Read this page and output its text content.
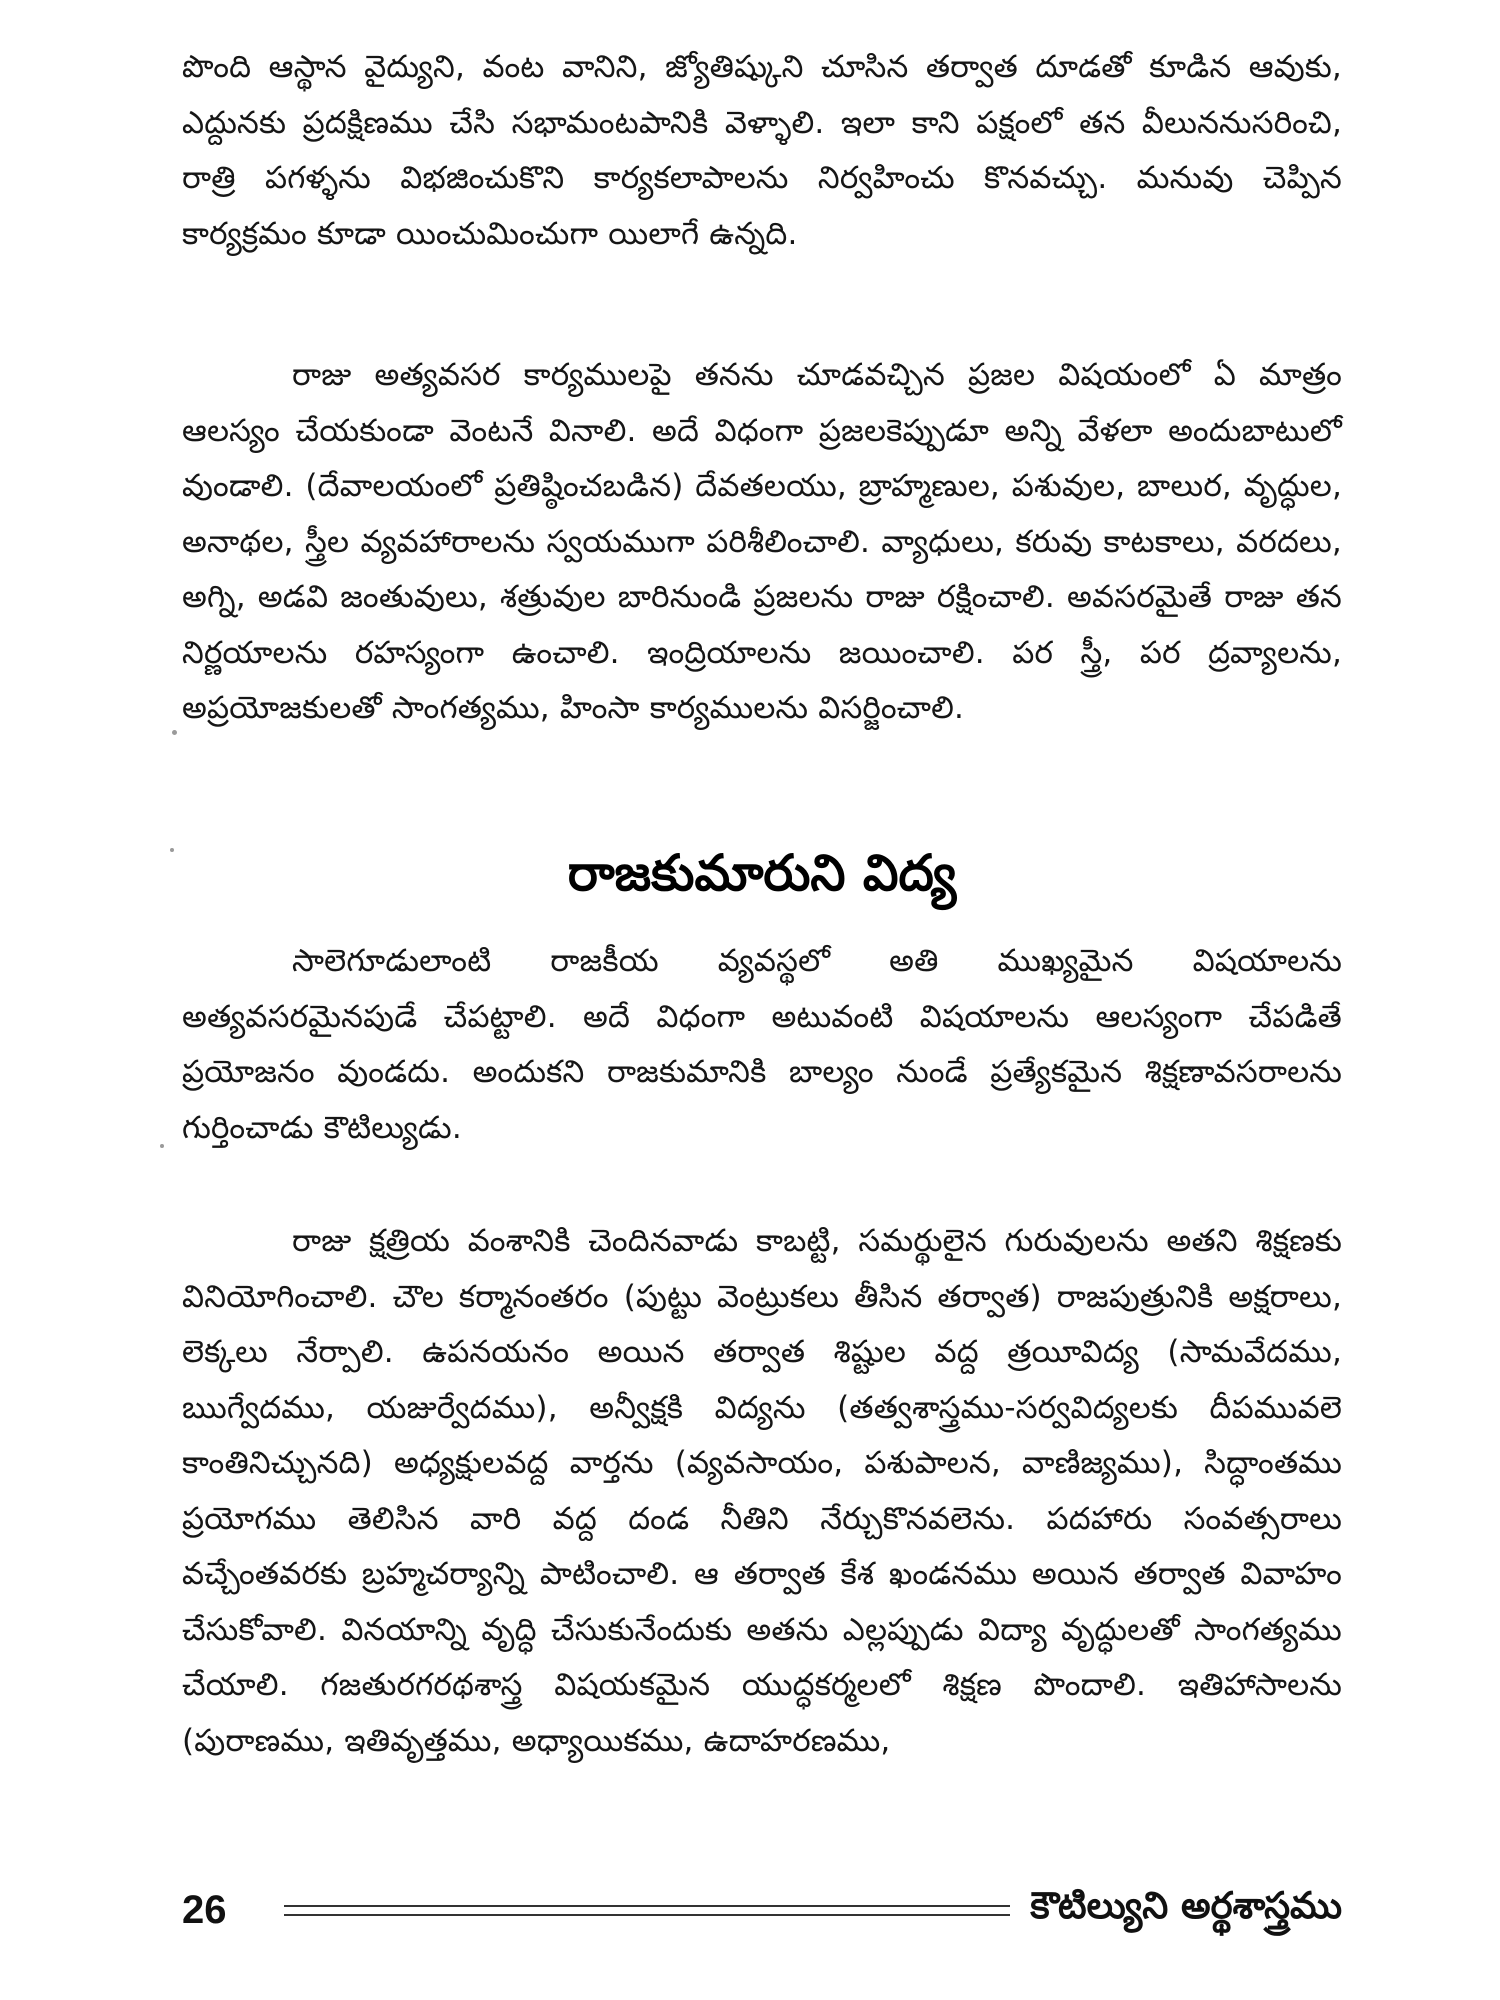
పొంది ఆస్థాన వైద్యుని, వంట వానిని, జ్యోతిష్కుని చూసిన తర్వాత దూడతో కూడిన ఆవుకు, ఎద్దునకు ప్రదక్షిణము చేసి సభామంటపానికి వెళ్ళాలి. ఇలా కాని పక్షంలో తన వీలుననుసరించి, రాత్రి పగళ్ళను విభజించుకొని కార్యకలాపాలను నిర్వహించు కొనవచ్చు. మనువు చెప్పిన కార్యక్రమం కూడా యించుమించుగా యిలాగే ఉన్నది.

రాజు అత్యవసర కార్యములపై తనను చూడవచ్చిన ప్రజల విషయంలో ఏ మాత్రం ఆలస్యం చేయకుండా వెంటనే వినాలి. అదే విధంగా ప్రజలకెప్పుడూ అన్ని వేళలా అందుబాటులో వుండాలి. (దేవాలయంలో ప్రతిష్ఠించబడిన) దేవతలయు, బ్రాహ్మణుల, పశువుల, బాలుర, వృద్ధుల, అనాథల, స్త్రీల వ్యవహారాలను స్వయముగా పరిశీలించాలి. వ్యాధులు, కరువు కాటకాలు, వరదలు, అగ్ని, అడవి జంతువులు, శత్రువుల బారినుండి ప్రజలను రాజు రక్షించాలి. అవసరమైతే రాజు తన నిర్ణయాలను రహస్యంగా ఉంచాలి. ఇంద్రియాలను జయించాలి. పర స్త్రీ, పర ద్రవ్యాలను, అప్రయోజకులతో సాంగత్యము, హింసా కార్యములను విసర్జించాలి.

రాజకుమారుని విద్య

సాలెగూడులాంటి రాజకీయ వ్యవస్థలో అతి ముఖ్యమైన విషయాలను అత్యవసరమైనపుడే చేపట్టాలి. అదే విధంగా అటువంటి విషయాలను ఆలస్యంగా చేపడితే ప్రయోజనం వుండదు. అందుకని రాజకుమానికి బాల్యం నుండే ప్రత్యేకమైన శిక్షణావసరాలను గుర్తించాడు కౌటిల్యుడు.

రాజు క్షత్రియ వంశానికి చెందినవాడు కాబట్టి, సమర్థులైన గురువులను అతని శిక్షణకు వినియోగించాలి. చౌల కర్మానంతరం (పుట్టు వెంట్రుకలు తీసిన తర్వాత) రాజపుత్రునికి అక్షరాలు, లెక్కలు నేర్పాలి. ఉపనయనం అయిన తర్వాత శిష్టుల వద్ద త్రయీవిద్య (సామవేదము, ఋగ్వేదము, యజుర్వేదము), అన్వీక్షకి విద్యను (తత్వశాస్త్రము-సర్వవిద్యలకు దీపమువలె కాంతినిచ్చునది) అధ్యక్షులవద్ద వార్తను (వ్యవసాయం, పశుపాలన, వాణిజ్యము), సిద్ధాంతము ప్రయోగము తెలిసిన వారి వద్ద దండ నీతిని నేర్చుకొనవలెను. పదహారు సంవత్సరాలు వచ్చేంతవరకు బ్రహ్మచర్యాన్ని పాటించాలి. ఆ తర్వాత కేశ ఖండనము అయిన తర్వాత వివాహం చేసుకోవాలి. వినయాన్ని వృద్ధి చేసుకునేందుకు అతను ఎల్లప్పుడు విద్యా వృద్ధులతో సాంగత్యము చేయాలి. గజతురగరథశాస్త్ర విషయకమైన యుద్ధకర్మలలో శిక్షణ పొందాలి. ఇతిహాసాలను (పురాణము, ఇతివృత్తము, అధ్యాయికము, ఉదాహరణము,

26	కౌటిల్యుని అర్థశాస్త్రము
